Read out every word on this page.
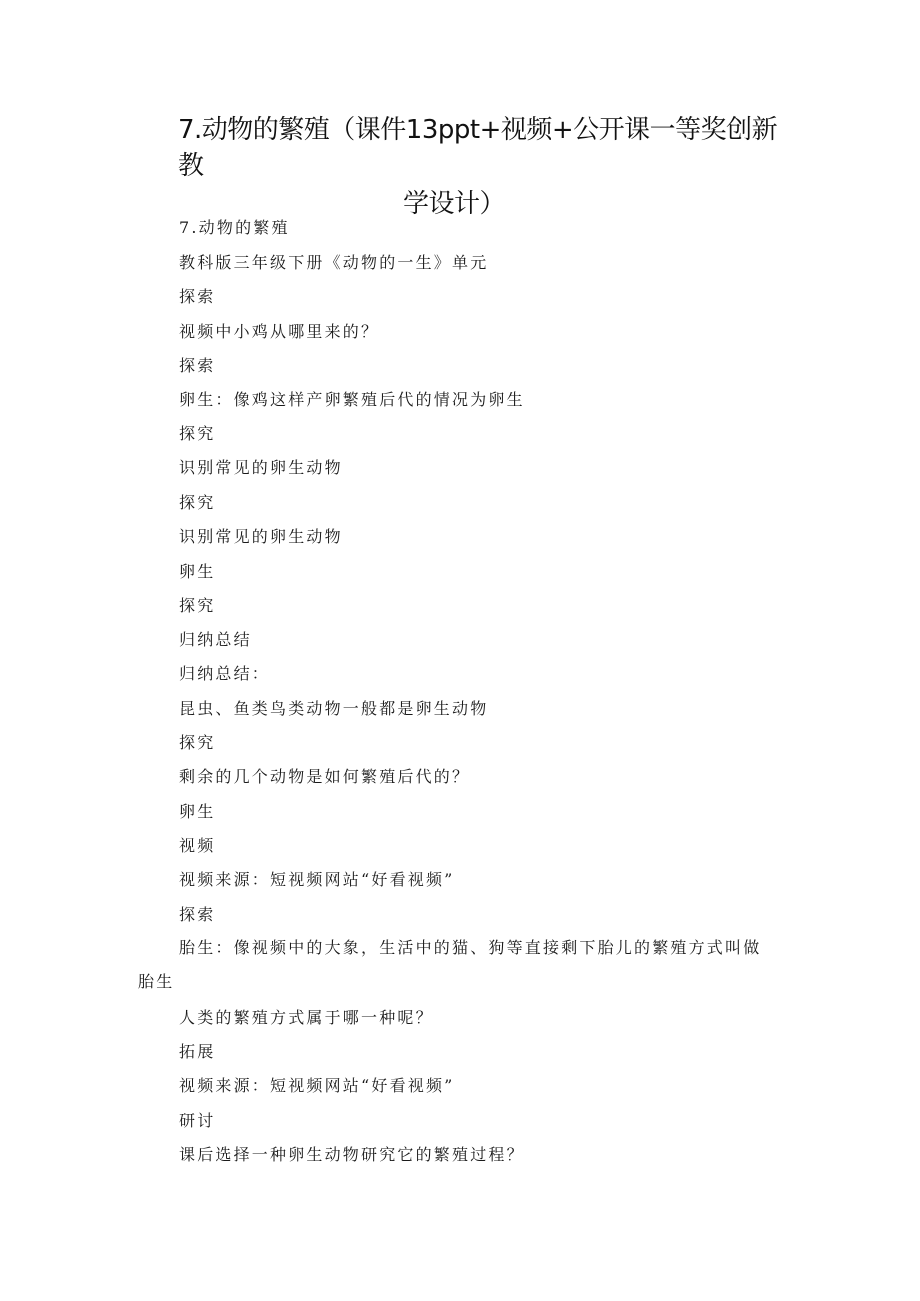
7.动物的繁殖（课件13ppt+视频+公开课一等奖创新教
学设计）
7.动物的繁殖
教科版三年级下册《动物的一生》单元
探索
视频中小鸡从哪里来的？
探索
卵生：像鸡这样产卵繁殖后代的情况为卵生
探究
识别常见的卵生动物
探究
识别常见的卵生动物
卵生
探究
归纳总结
归纳总结：
昆虫、鱼类鸟类动物一般都是卵生动物
探究
剩余的几个动物是如何繁殖后代的？
卵生
视频
视频来源：短视频网站“好看视频”
探索
胎生：像视频中的大象，生活中的猫、狗等直接剩下胎儿的繁殖方式叫做胎生
人类的繁殖方式属于哪一种呢？
拓展
视频来源：短视频网站“好看视频”
研讨
课后选择一种卵生动物研究它的繁殖过程？
